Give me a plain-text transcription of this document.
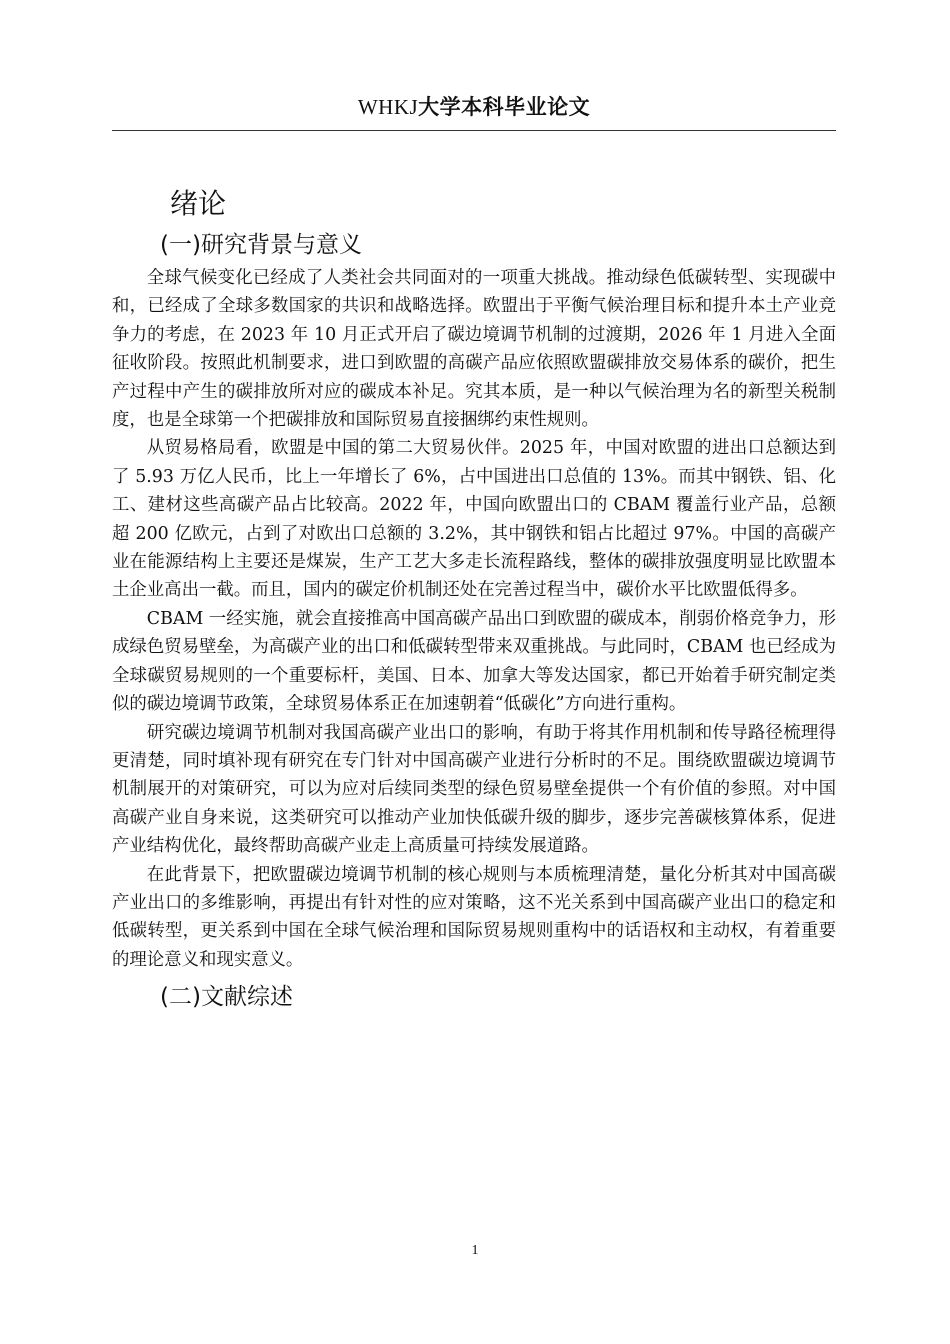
WHKJ大学本科毕业论文
绪论
(一)研究背景与意义

全球气候变化已经成了人类社会共同面对的一项重大挑战。推动绿色低碳转型、实现碳中和，已经成了全球多数国家的共识和战略选择。欧盟出于平衡气候治理目标和提升本土产业竞争力的考虑，在 2023 年 10 月正式开启了碳边境调节机制的过渡期，2026 年 1 月进入全面征收阶段。按照此机制要求，进口到欧盟的高碳产品应依照欧盟碳排放交易体系的碳价，把生产过程中产生的碳排放所对应的碳成本补足。究其本质，是一种以气候治理为名的新型关税制度，也是全球第一个把碳排放和国际贸易直接捆绑约束性规则。

从贸易格局看，欧盟是中国的第二大贸易伙伴。2025 年，中国对欧盟的进出口总额达到了 5.93 万亿人民币，比上一年增长了 6%，占中国进出口总值的 13%。而其中钢铁、铝、化工、建材这些高碳产品占比较高。2022 年，中国向欧盟出口的 CBAM 覆盖行业产品，总额超 200 亿欧元，占到了对欧出口总额的 3.2%，其中钢铁和铝占比超过 97%。中国的高碳产业在能源结构上主要还是煤炭，生产工艺大多走长流程路线，整体的碳排放强度明显比欧盟本土企业高出一截。而且，国内的碳定价机制还处在完善过程当中，碳价水平比欧盟低得多。

CBAM 一经实施，就会直接推高中国高碳产品出口到欧盟的碳成本，削弱价格竞争力，形成绿色贸易壁垒，为高碳产业的出口和低碳转型带来双重挑战。与此同时，CBAM 也已经成为全球碳贸易规则的一个重要标杆，美国、日本、加拿大等发达国家，都已开始着手研究制定类似的碳边境调节政策，全球贸易体系正在加速朝着“低碳化”方向进行重构。

研究碳边境调节机制对我国高碳产业出口的影响，有助于将其作用机制和传导路径梳理得更清楚，同时填补现有研究在专门针对中国高碳产业进行分析时的不足。围绕欧盟碳边境调节机制展开的对策研究，可以为应对后续同类型的绿色贸易壁垒提供一个有价值的参照。对中国高碳产业自身来说，这类研究可以推动产业加快低碳升级的脚步，逐步完善碳核算体系，促进产业结构优化，最终帮助高碳产业走上高质量可持续发展道路。

在此背景下，把欧盟碳边境调节机制的核心规则与本质梳理清楚，量化分析其对中国高碳产业出口的多维影响，再提出有针对性的应对策略，这不光关系到中国高碳产业出口的稳定和低碳转型，更关系到中国在全球气候治理和国际贸易规则重构中的话语权和主动权，有着重要的理论意义和现实意义。

(二)文献综述
1
